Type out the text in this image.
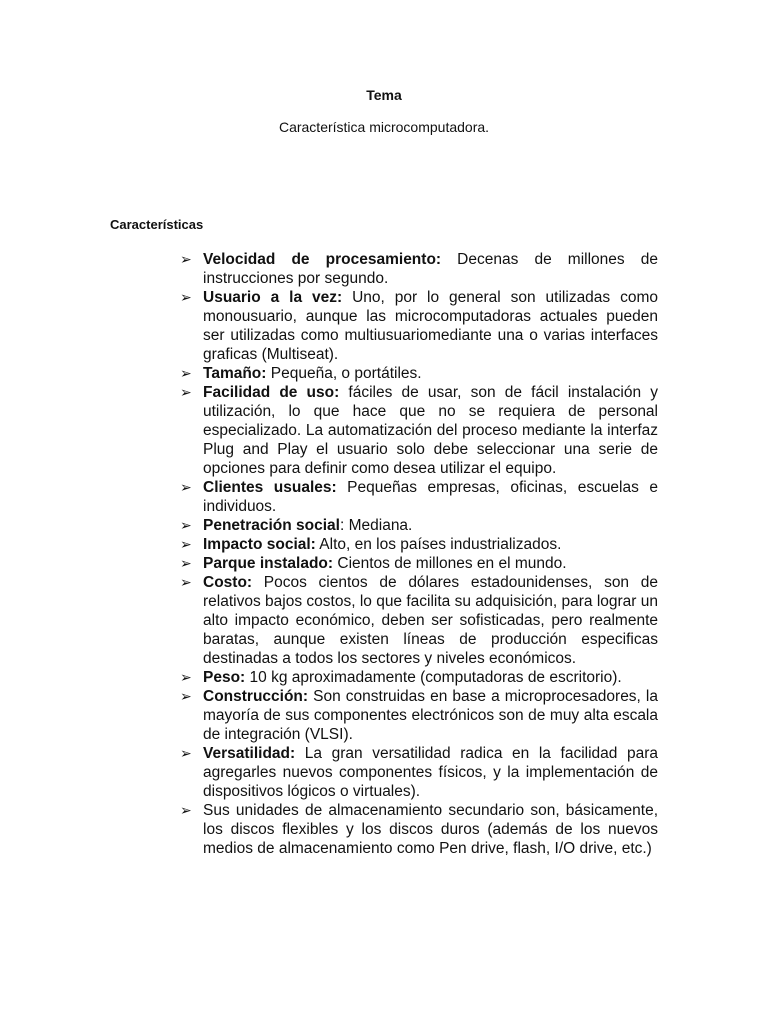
Tema

Característica microcomputadora.

Características
➢ Velocidad de procesamiento: Decenas de millones de instrucciones por segundo.
➢ Usuario a la vez: Uno, por lo general son utilizadas como monousuario, aunque las microcomputadoras actuales pueden ser utilizadas como multiusuariomediante una o varias interfaces graficas (Multiseat).
➢ Tamaño: Pequeña, o portátiles.
➢ Facilidad de uso: fáciles de usar, son de fácil instalación y utilización, lo que hace que no se requiera de personal especializado. La automatización del proceso mediante la interfaz Plug and Play el usuario solo debe seleccionar una serie de opciones para definir como desea utilizar el equipo.
➢ Clientes usuales: Pequeñas empresas, oficinas, escuelas e individuos.
➢ Penetración social: Mediana.
➢ Impacto social: Alto, en los países industrializados.
➢ Parque instalado: Cientos de millones en el mundo.
➢ Costo: Pocos cientos de dólares estadounidenses, son de relativos bajos costos, lo que facilita su adquisición, para lograr un alto impacto económico, deben ser sofisticadas, pero realmente baratas, aunque existen líneas de producción especificas destinadas a todos los sectores y niveles económicos.
➢ Peso: 10 kg aproximadamente (computadoras de escritorio).
➢ Construcción: Son construidas en base a microprocesadores, la mayoría de sus componentes electrónicos son de muy alta escala de integración (VLSI).
➢ Versatilidad: La gran versatilidad radica en la facilidad para agregarles nuevos componentes físicos, y la implementación de dispositivos lógicos o virtuales).
➢ Sus unidades de almacenamiento secundario son, básicamente, los discos flexibles y los discos duros (además de los nuevos medios de almacenamiento como Pen drive, flash, I/O drive, etc.)
